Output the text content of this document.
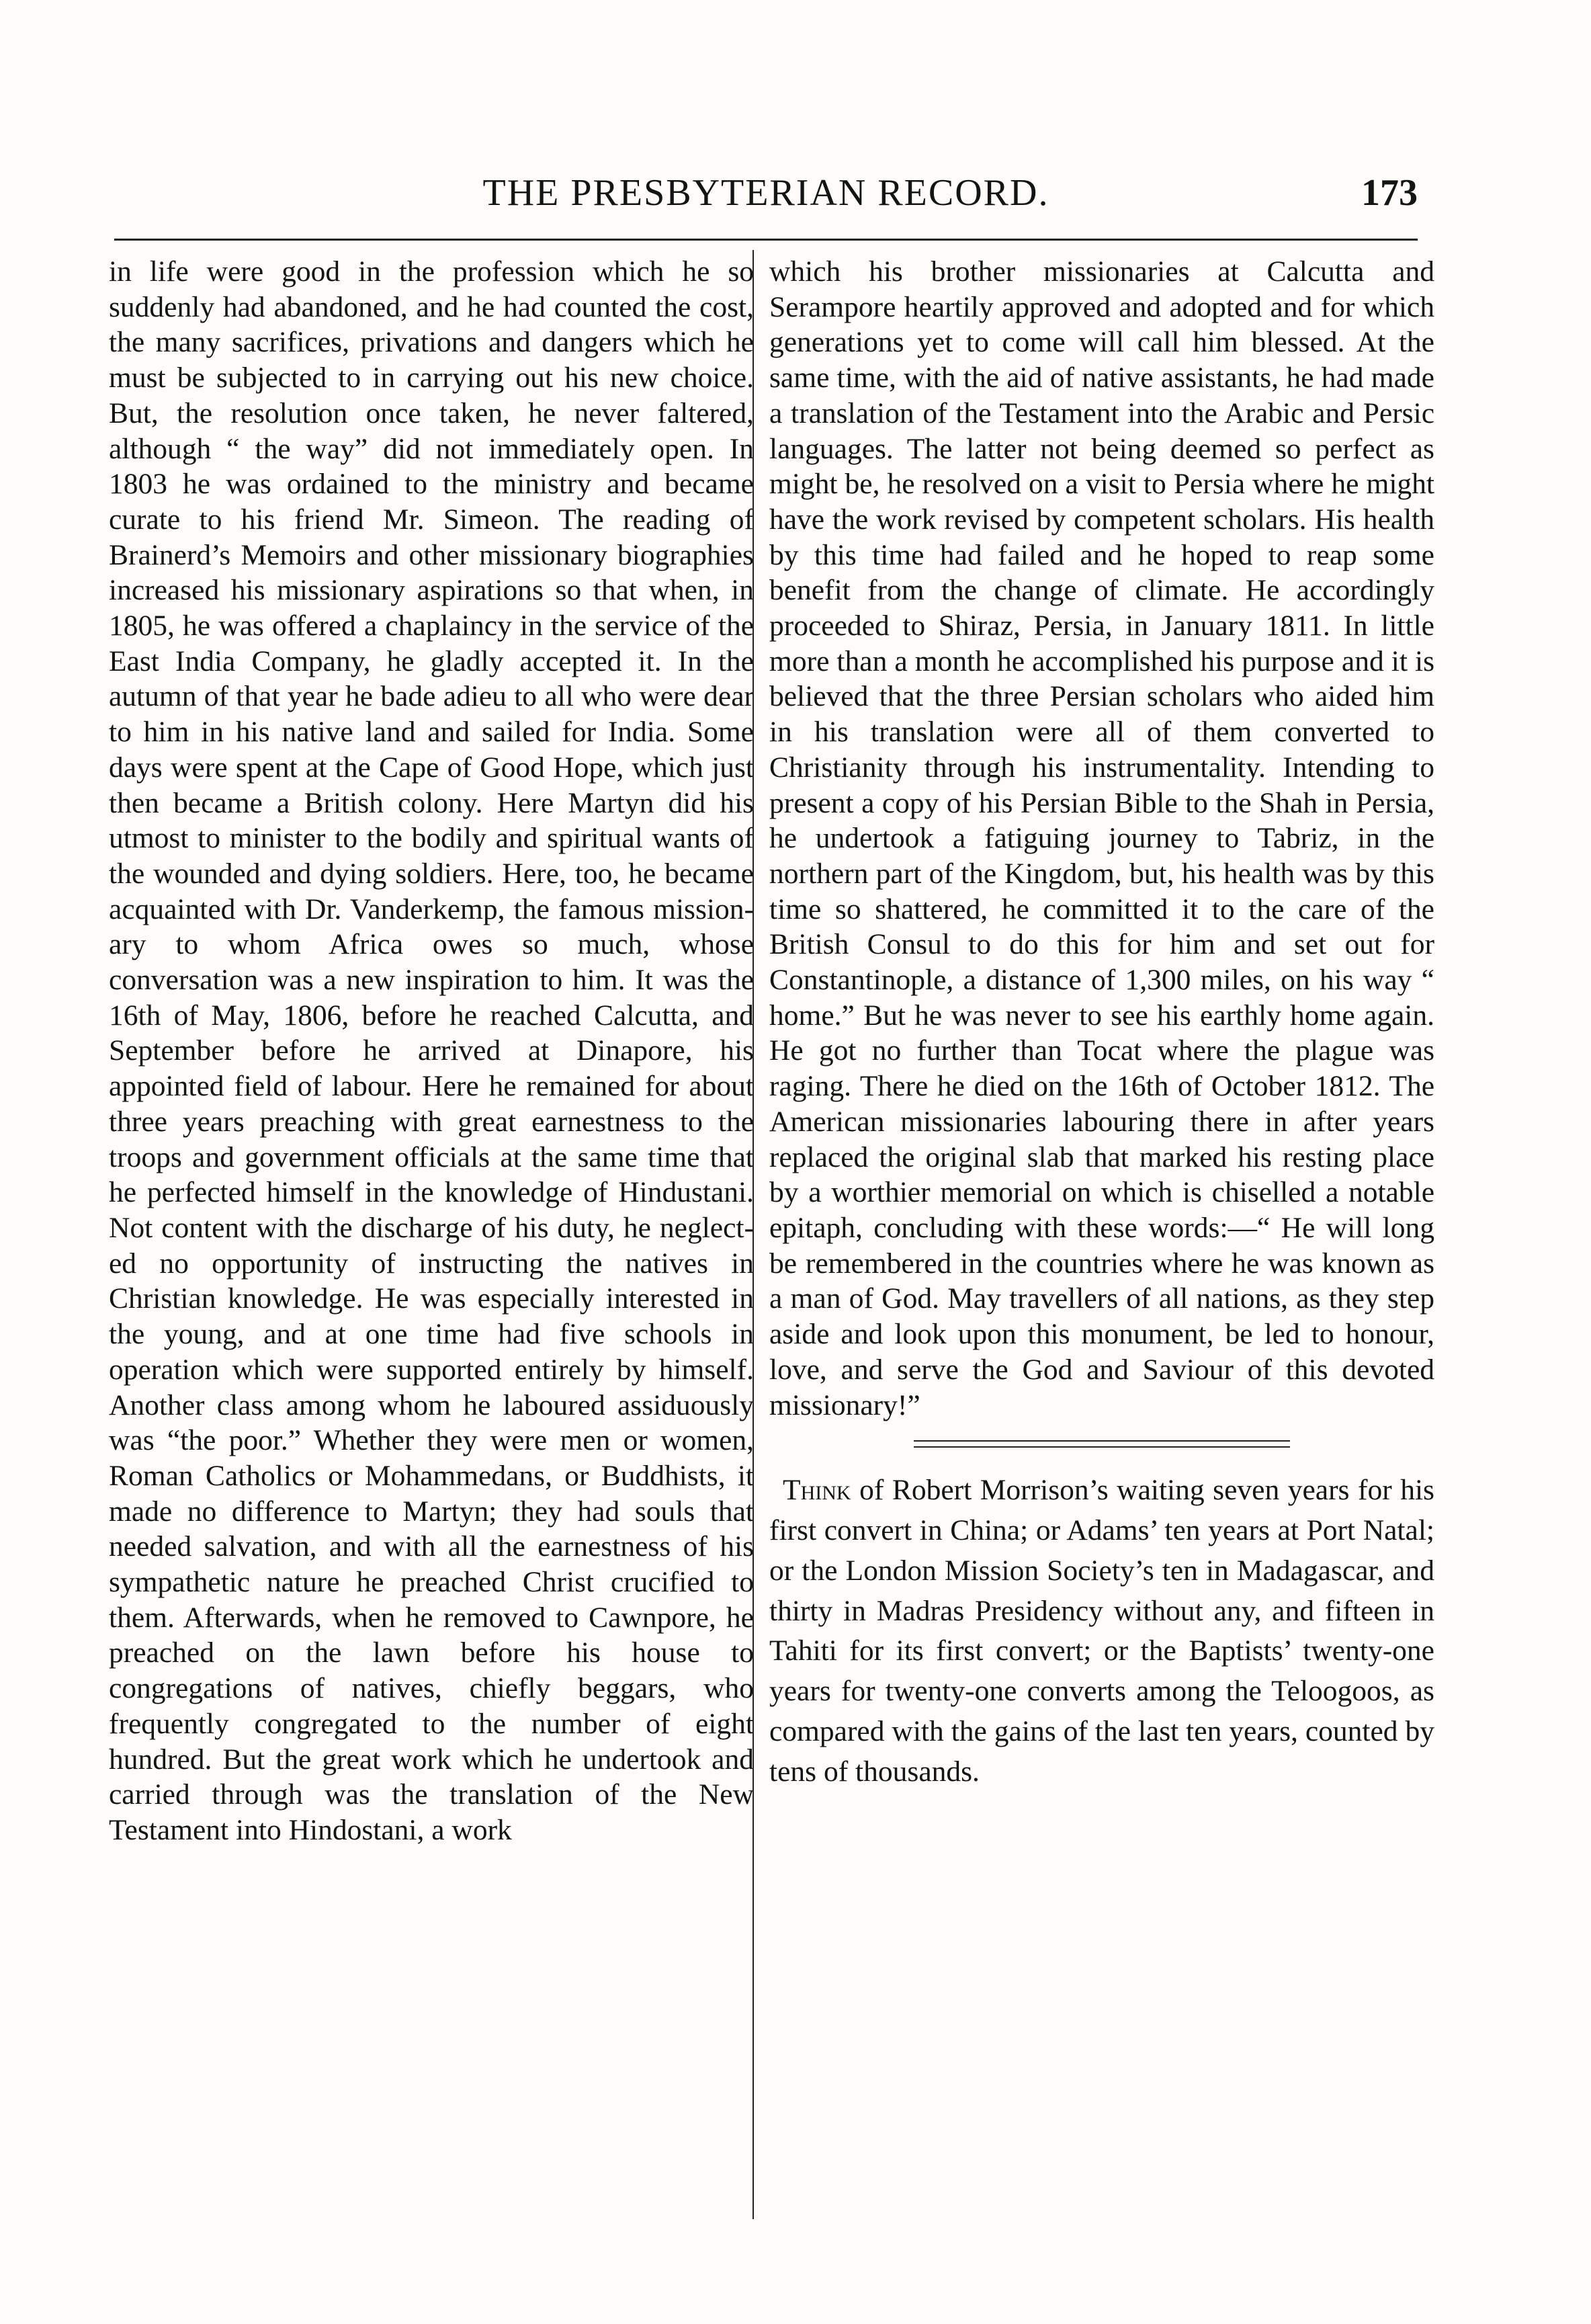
THE PRESBYTERIAN RECORD.	173

in life were good in the profession which he so suddenly had abandoned, and he had counted the cost, the many sacrifices, privations and dangers which he must be subjected to in carrying out his new choice. But, the resolution once taken, he never faltered, although “ the way” did not immediately open. In 1803 he was ordained to the ministry and became curate to his friend Mr. Simeon. The reading of Brainerd’s Memoirs and other missionary biographies increased his missionary aspirations so that when, in 1805, he was offered a chaplaincy in the service of the East India Company, he gladly accepted it. In the autumn of that year he bade adieu to all who were dear to him in his native land and sailed for India. Some days were spent at the Cape of Good Hope, which just then became a British colony. Here Martyn did his utmost to minister to the bodily and spiritual wants of the wounded and dying soldiers. Here, too, he became acquainted with Dr. Vanderkemp, the famous missionary to whom Africa owes so much, whose conversation was a new inspiration to him. It was the 16th of May, 1806, before he reached Calcutta, and September before he arrived at Dinapore, his appointed field of labour. Here he remained for about three years preaching with great earnestness to the troops and government officials at the same time that he perfected himself in the knowledge of Hindustani. Not content with the discharge of his duty, he neglected no opportunity of instructing the natives in Christian knowledge. He was especially interested in the young, and at one time had five schools in operation which were supported entirely by himself. Another class among whom he laboured assiduously was “the poor.” Whether they were men or women, Roman Catholics or Mohammedans, or Buddhists, it made no difference to Martyn; they had souls that needed salvation, and with all the earnestness of his sympathetic nature he preached Christ crucified to them. Afterwards, when he removed to Cawnpore, he preached on the lawn before his house to congregations of natives, chiefly beggars, who frequently congregated to the number of eight hundred. But the great work which he undertook and carried through was the translation of the New Testament into Hindostani, a work

which his brother missionaries at Calcutta and Serampore heartily approved and adopted and for which generations yet to come will call him blessed. At the same time, with the aid of native assistants, he had made a translation of the Testament into the Arabic and Persic languages. The latter not being deemed so perfect as might be, he resolved on a visit to Persia where he might have the work revised by competent scholars. His health by this time had failed and he hoped to reap some benefit from the change of climate. He accordingly proceeded to Shiraz, Persia, in January 1811. In little more than a month he accomplished his purpose and it is believed that the three Persian scholars who aided him in his translation were all of them converted to Christianity through his instrumentality. Intending to present a copy of his Persian Bible to the Shah in Persia, he undertook a fatiguing journey to Tabriz, in the northern part of the Kingdom, but, his health was by this time so shattered, he committed it to the care of the British Consul to do this for him and set out for Constantinople, a distance of 1,300 miles, on his way “ home.” But he was never to see his earthly home again. He got no further than Tocat where the plague was raging. There he died on the 16th of October 1812. The American missionaries labouring there in after years replaced the original slab that marked his resting place by a worthier memorial on which is chiselled a notable epitaph, concluding with these words:—“ He will long be remembered in the countries where he was known as a man of God. May travellers of all nations, as they step aside and look upon this monument, be led to honour, love, and serve the God and Saviour of this devoted missionary!”

Think of Robert Morrison’s waiting seven years for his first convert in China; or Adams’ ten years at Port Natal; or the London Mission Society’s ten in Madagascar, and thirty in Madras Presidency without any, and fifteen in Tahiti for its first convert; or the Baptists’ twenty-one years for twenty-one converts among the Teloogoos, as compared with the gains of the last ten years, counted by tens of thousands.
